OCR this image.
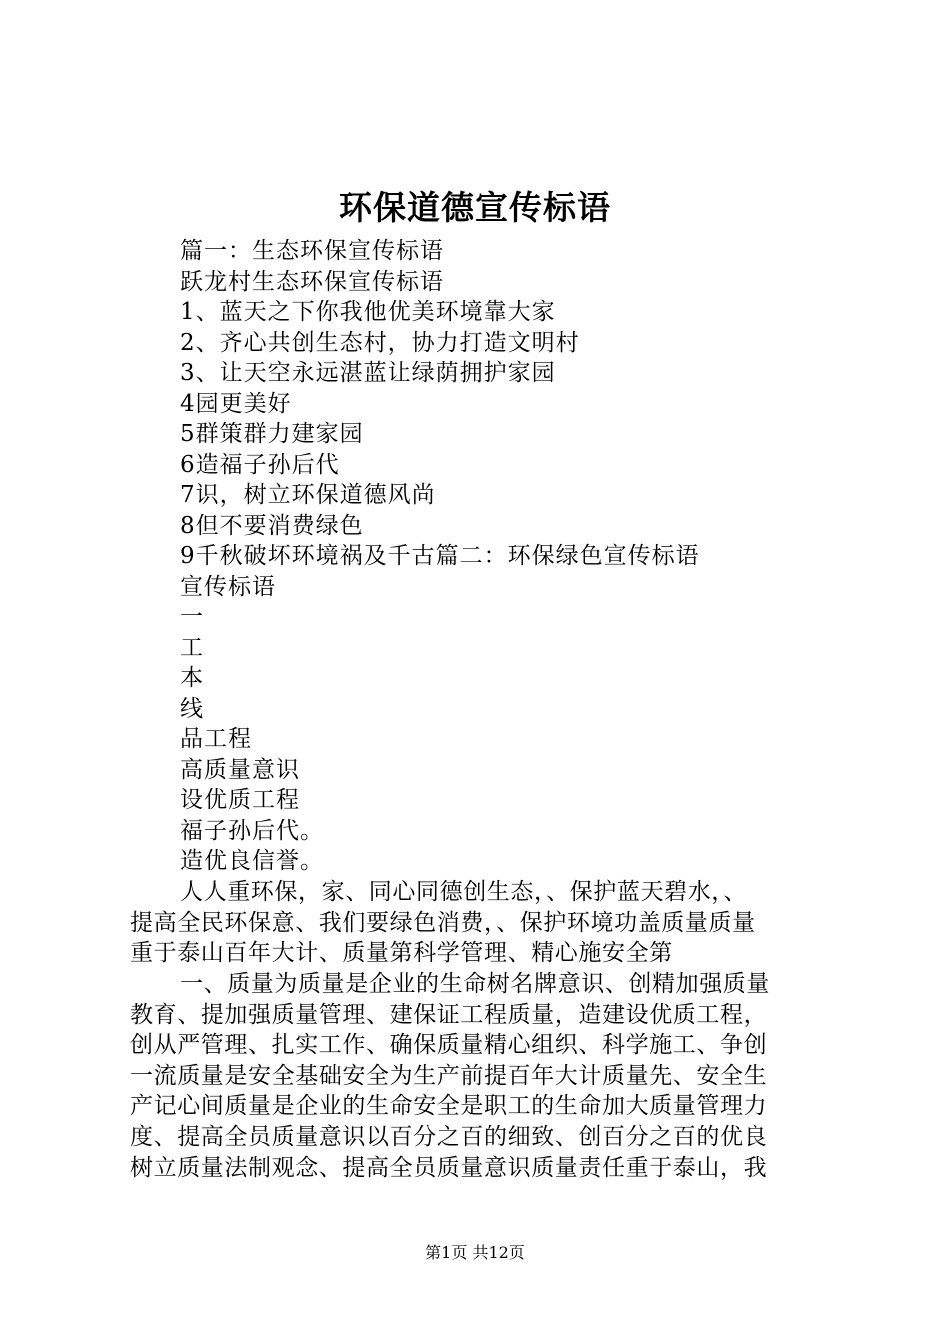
环保道德宣传标语
篇一：生态环保宣传标语
跃龙村生态环保宣传标语
1、蓝天之下你我他优美环境靠大家
2、齐心共创生态村，协力打造文明村
3、让天空永远湛蓝让绿荫拥护家园
4园更美好
5群策群力建家园
6造福子孙后代
7识，树立环保道德风尚
8但不要消费绿色
9千秋破坏环境祸及千古篇二：环保绿色宣传标语
宣传标语
一
工
本
线
品工程
高质量意识
设优质工程
福子孙后代。
造优良信誉。
人人重环保，家、同心同德创生态，、保护蓝天碧水，、
提高全民环保意、我们要绿色消费，、保护环境功盖质量质量
重于泰山百年大计、质量第科学管理、精心施安全第
一、质量为质量是企业的生命树名牌意识、创精加强质量
教育、提加强质量管理、建保证工程质量，造建设优质工程，
创从严管理、扎实工作、确保质量精心组织、科学施工、争创
一流质量是安全基础安全为生产前提百年大计质量先、安全生
产记心间质量是企业的生命安全是职工的生命加大质量管理力
度、提高全员质量意识以百分之百的细致、创百分之百的优良
树立质量法制观念、提高全员质量意识质量责任重于泰山，我
第1页 共12页
